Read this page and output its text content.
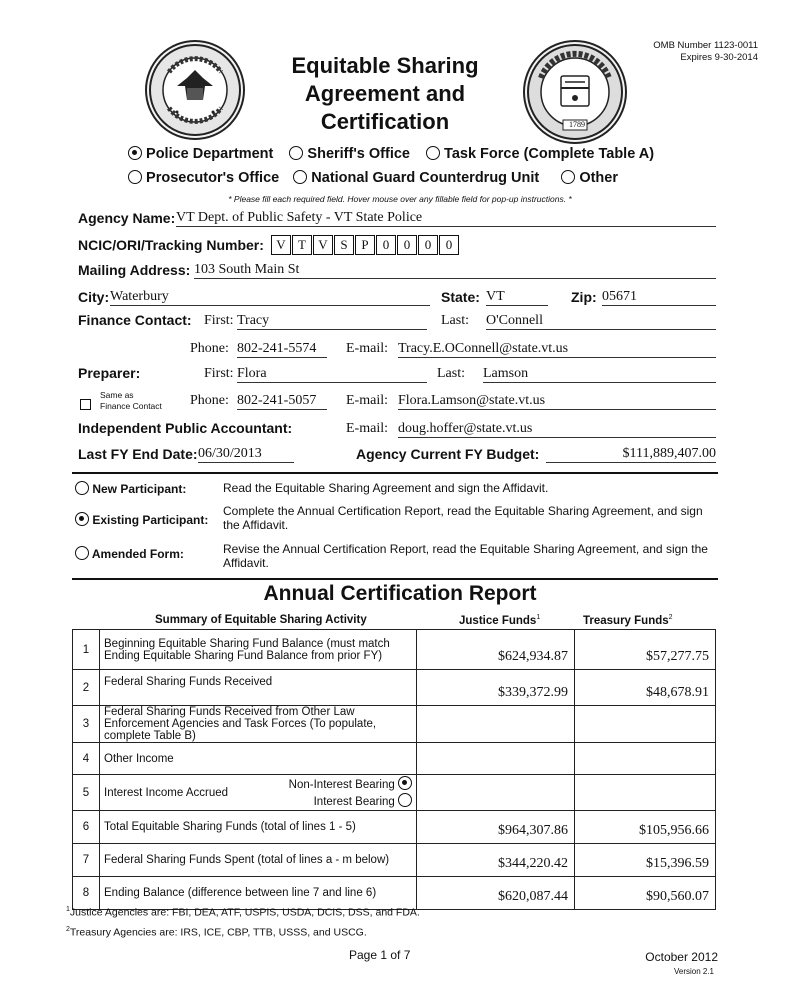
OMB Number 1123-0011
Expires 9-30-2014
Equitable Sharing
Agreement and
Certification	1789
Police Department Sheriff's Office Task Force (Complete Table A)
Prosecutor's Office National Guard Counterdrug Unit	Other
* Please fill each required field. Hover mouse over any fillable field for pop-up instructions. *
Agency Name: VT Dept. of Public Safety - VT State Police
NCIC/ORI/Tracking Number: V T V S P 0 0 0 0
Mailing Address: 103 South Main St
City: Waterbury	State: VT	Zip: 05671
Finance Contact: First: Tracy	Last: O'Connell
Phone: 802-241-5574	E-mail: Tracy.E.OConnell@state.vt.us
Preparer:	First: Flora	Last: Lamson
Same as
Finance Contact Phone: 802-241-5057	E-mail: Flora.Lamson@state.vt.us
Independent Public Accountant:	E-mail: doug.hoffer@state.vt.us
Last FY End Date: 06/30/2013	Agency Current FY Budget:	$111,889,407.00
New Participant:	Read the Equitable Sharing Agreement and sign the Affidavit.
Existing Participant:
Complete the Annual Certification Report, read the Equitable Sharing Agreement, and sign the Affidavit.
Amended Form:	Revise the Annual Certification Report, read the Equitable Sharing Agreement, and sign the Affidavit.
Annual Certification Report
Summary of Equitable Sharing Activity	Justice Funds$^1$	Treasury Funds$^2$
1	Beginning Equitable Sharing Fund Balance (must match Ending Equitable Sharing Fund Balance from prior FY)	$624,934.87	$57,277.75
2	Federal Sharing Funds Received	$339,372.99	$48,678.91
3	Federal Sharing Funds Received from Other Law Enforcement Agencies and Task Forces (To populate, complete Table B)		
4	Other Income		
5	Interest Income Accrued
Non-Interest Bearing
Interest Bearing		

6	Total Equitable Sharing Funds (total of lines 1 - 5)	$964,307.86	$105,956.66
7	Federal Sharing Funds Spent (total of lines a - m below)	$344,220.42	$15,396.59
8	Ending Balance (difference between line 7 and line 6)	$620,087.44	$90,560.07
$^1$Justice Agencies are: FBI, DEA, ATF, USPIS, USDA, DCIS, DSS, and FDA.
$^2$Treasury Agencies are: IRS, ICE, CBP, TTB, USSS, and USCG.
Page 1 of 7	October 2012
Version 2.1
